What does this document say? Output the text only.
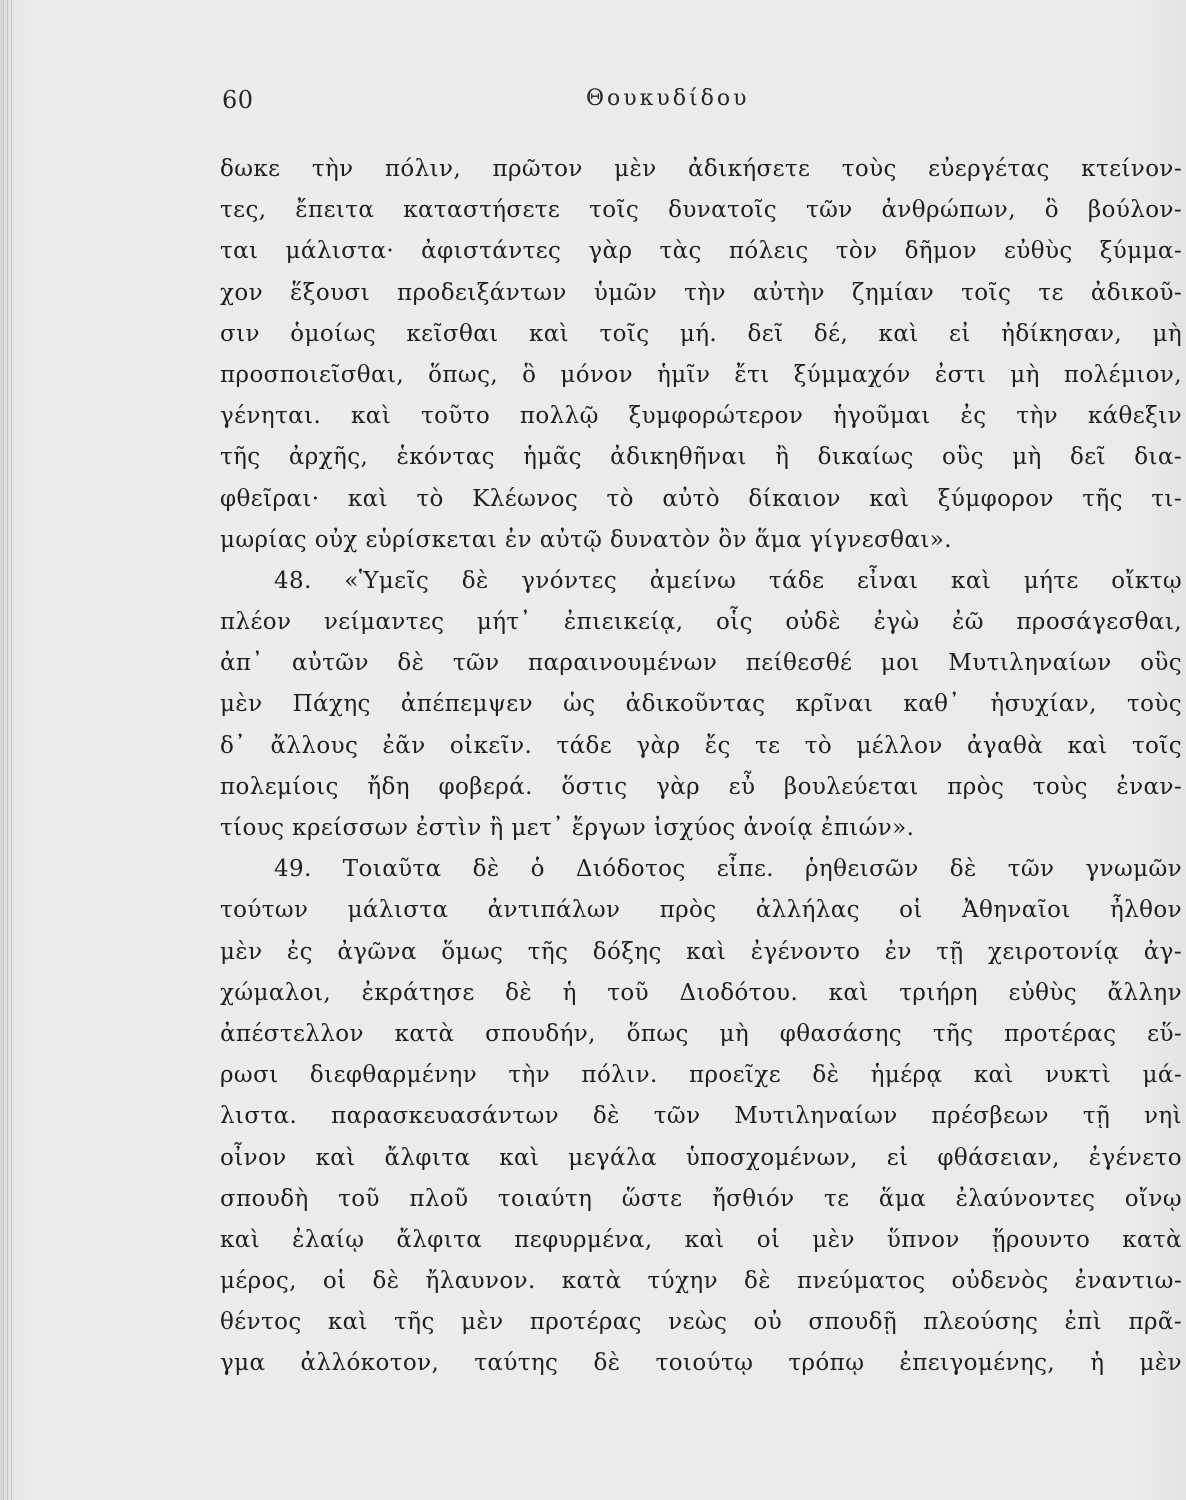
60	Θουκυδίδου
δωκε τὴν πόλιν, πρῶτον μὲν ἀδικήσετε τοὺς εὐεργέτας κτείνον-
τες, ἔπειτα καταστήσετε τοῖς δυνατοῖς τῶν ἀνθρώπων, ὃ βούλον-
ται μάλιστα· ἀφιστάντες γὰρ τὰς πόλεις τὸν δῆμον εὐθὺς ξύμμα-
χον ἕξουσι προδειξάντων ὑμῶν τὴν αὐτὴν ζημίαν τοῖς τε ἀδικοῦ-
σιν ὁμοίως κεῖσθαι καὶ τοῖς μή. δεῖ δέ, καὶ εἰ ἠδίκησαν, μὴ
προσποιεῖσθαι, ὅπως, ὃ μόνον ἡμῖν ἔτι ξύμμαχόν ἐστι μὴ πολέμιον,
γένηται. καὶ τοῦτο πολλῷ ξυμφορώτερον ἡγοῦμαι ἐς τὴν κάθεξιν
τῆς ἀρχῆς, ἑκόντας ἡμᾶς ἀδικηθῆναι ἢ δικαίως οὓς μὴ δεῖ δια-
φθεῖραι· καὶ τὸ Κλέωνος τὸ αὐτὸ δίκαιον καὶ ξύμφορον τῆς τι-
μωρίας οὐχ εὑρίσκεται ἐν αὐτῷ δυνατὸν ὂν ἅμα γίγνεσθαι».
48. «Ὑμεῖς δὲ γνόντες ἀμείνω τάδε εἶναι καὶ μήτε οἴκτῳ
πλέον νείμαντες μήτ᾽ ἐπιεικείᾳ, οἷς οὐδὲ ἐγὼ ἐῶ προσάγεσθαι,
ἀπ᾽ αὐτῶν δὲ τῶν παραινουμένων πείθεσθέ μοι Μυτιληναίων οὓς
μὲν Πάχης ἀπέπεμψεν ὡς ἀδικοῦντας κρῖναι καθ᾽ ἡσυχίαν, τοὺς
δ᾽ ἄλλους ἐᾶν οἰκεῖν. τάδε γὰρ ἔς τε τὸ μέλλον ἀγαθὰ καὶ τοῖς
πολεμίοις ἤδη φοβερά. ὅστις γὰρ εὖ βουλεύεται πρὸς τοὺς ἐναν-
τίους κρείσσων ἐστὶν ἢ μετ᾽ ἔργων ἰσχύος ἀνοίᾳ ἐπιών».
49. Τοιαῦτα δὲ ὁ Διόδοτος εἶπε. ῥηθεισῶν δὲ τῶν γνωμῶν
τούτων μάλιστα ἀντιπάλων πρὸς ἀλλήλας οἱ Ἀθηναῖοι ἦλθον
μὲν ἐς ἀγῶνα ὅμως τῆς δόξης καὶ ἐγένοντο ἐν τῇ χειροτονίᾳ ἀγ-
χώμαλοι, ἐκράτησε δὲ ἡ τοῦ Διοδότου. καὶ τριήρη εὐθὺς ἄλλην
ἀπέστελλον κατὰ σπουδήν, ὅπως μὴ φθασάσης τῆς προτέρας εὕ-
ρωσι διεφθαρμένην τὴν πόλιν. προεῖχε δὲ ἡμέρᾳ καὶ νυκτὶ μά-
λιστα. παρασκευασάντων δὲ τῶν Μυτιληναίων πρέσβεων τῇ νηὶ
οἶνον καὶ ἄλφιτα καὶ μεγάλα ὑποσχομένων, εἰ φθάσειαν, ἐγένετο
σπουδὴ τοῦ πλοῦ τοιαύτη ὥστε ἤσθιόν τε ἅμα ἐλαύνοντες οἴνῳ
καὶ ἐλαίῳ ἄλφιτα πεφυρμένα, καὶ οἱ μὲν ὕπνον ᾕρουντο κατὰ
μέρος, οἱ δὲ ἤλαυνον. κατὰ τύχην δὲ πνεύματος οὐδενὸς ἐναντιω-
θέντος καὶ τῆς μὲν προτέρας νεὼς οὐ σπουδῇ πλεούσης ἐπὶ πρᾶ-
γμα ἀλλόκοτον, ταύτης δὲ τοιούτῳ τρόπῳ ἐπειγομένης, ἡ μὲν
